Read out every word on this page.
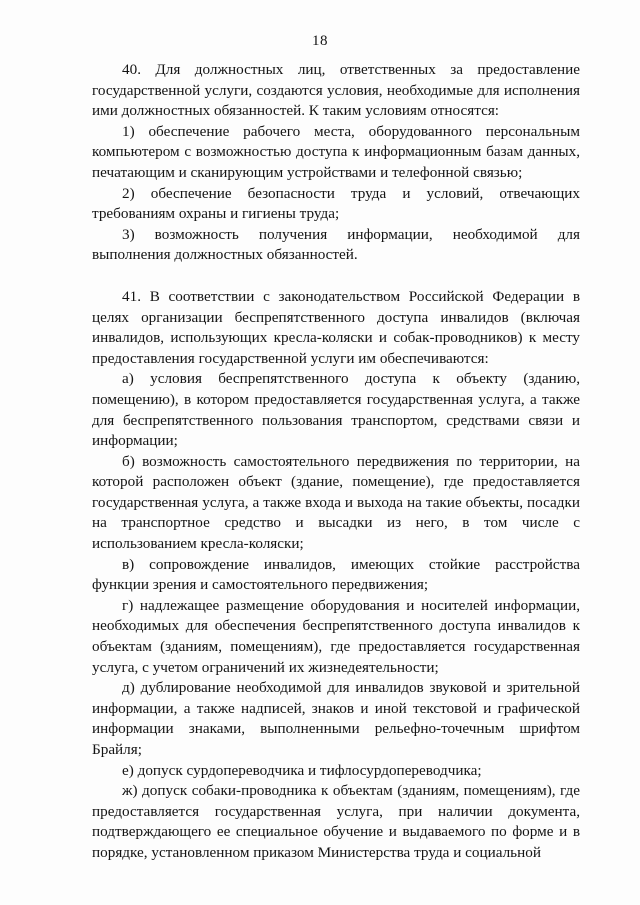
18

40. Для должностных лиц, ответственных за предоставление государственной услуги, создаются условия, необходимые для исполнения ими должностных обязанностей. К таким условиям относятся:

1) обеспечение рабочего места, оборудованного персональным компьютером с возможностью доступа к информационным базам данных, печатающим и сканирующим устройствами и телефонной связью;

2) обеспечение безопасности труда и условий, отвечающих требованиям охраны и гигиены труда;

3) возможность получения информации, необходимой для выполнения должностных обязанностей.

41. В соответствии с законодательством Российской Федерации в целях организации беспрепятственного доступа инвалидов (включая инвалидов, использующих кресла-коляски и собак-проводников) к месту предоставления государственной услуги им обеспечиваются:

а) условия беспрепятственного доступа к объекту (зданию, помещению), в котором предоставляется государственная услуга, а также для беспрепятственного пользования транспортом, средствами связи и информации;

б) возможность самостоятельного передвижения по территории, на которой расположен объект (здание, помещение), где предоставляется государственная услуга, а также входа и выхода на такие объекты, посадки на транспортное средство и высадки из него, в том числе с использованием кресла-коляски;

в) сопровождение инвалидов, имеющих стойкие расстройства функции зрения и самостоятельного передвижения;

г) надлежащее размещение оборудования и носителей информации, необходимых для обеспечения беспрепятственного доступа инвалидов к объектам (зданиям, помещениям), где предоставляется государственная услуга, с учетом ограничений их жизнедеятельности;

д) дублирование необходимой для инвалидов звуковой и зрительной информации, а также надписей, знаков и иной текстовой и графической информации знаками, выполненными рельефно-точечным шрифтом Брайля;

е) допуск сурдопереводчика и тифлосурдопереводчика;

ж) допуск собаки-проводника к объектам (зданиям, помещениям), где предоставляется государственная услуга, при наличии документа, подтверждающего ее специальное обучение и выдаваемого по форме и в порядке, установленном приказом Министерства труда и социальной
